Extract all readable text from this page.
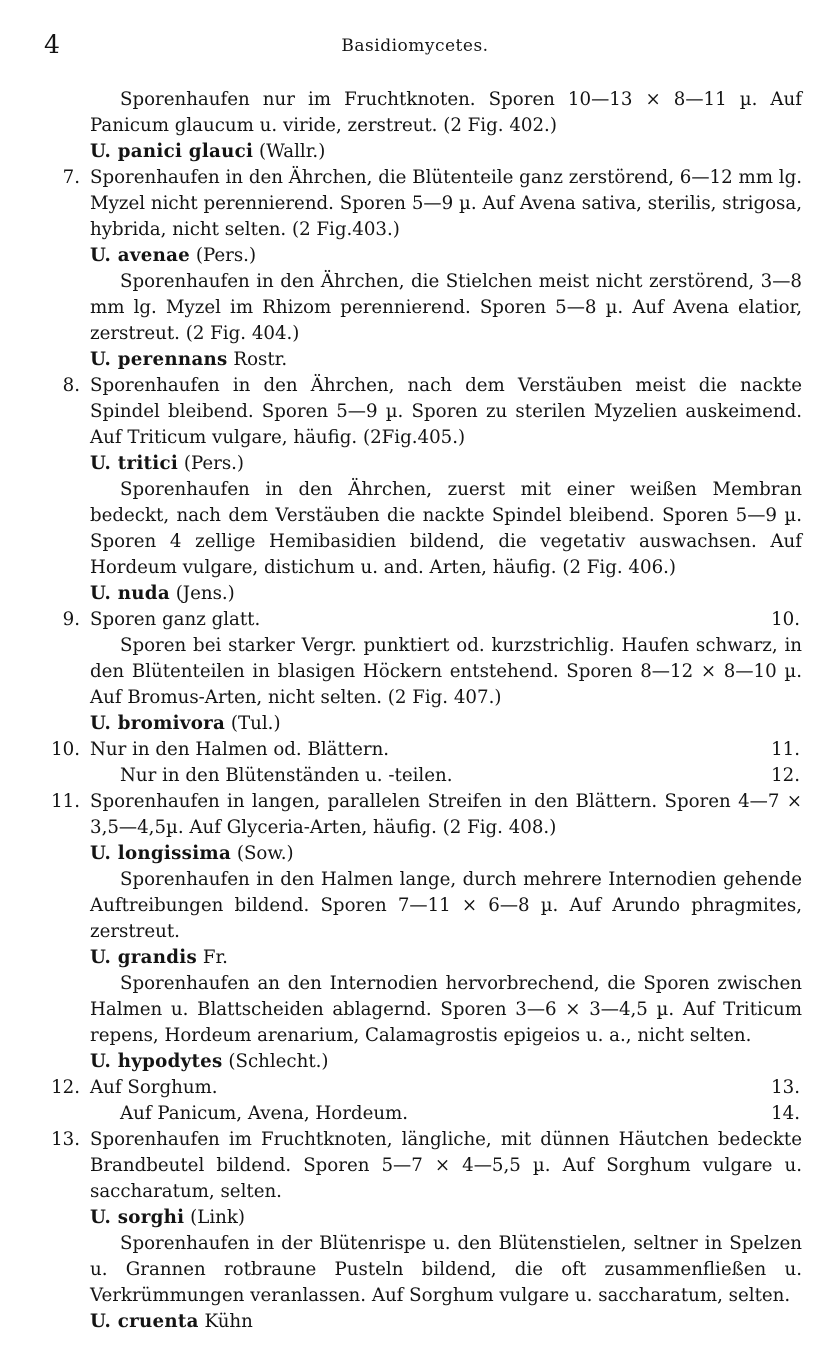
4	Basidiomycetes.

Sporenhaufen nur im Fruchtknoten. Sporen 10—13 × 8—11 µ. Auf Panicum glaucum u. viride, zerstreut. (2 Fig. 402.)

U. panici glauci (Wallr.)

7. Sporenhaufen in den Ährchen, die Blütenteile ganz zerstörend, 6—12 mm lg. Myzel nicht perennierend. Sporen 5—9 µ. Auf Avena sativa, sterilis, strigosa, hybrida, nicht selten. (2 Fig.403.)

U. avenae (Pers.)

Sporenhaufen in den Ährchen, die Stielchen meist nicht zerstörend, 3—8 mm lg. Myzel im Rhizom perennierend. Sporen 5—8 µ. Auf Avena elatior, zerstreut. (2 Fig. 404.)

U. perennans Rostr.

8. Sporenhaufen in den Ährchen, nach dem Verstäuben meist die nackte Spindel bleibend. Sporen 5—9 µ. Sporen zu sterilen Myzelien auskeimend. Auf Triticum vulgare, häufig. (2Fig.405.)

U. tritici (Pers.)

Sporenhaufen in den Ährchen, zuerst mit einer weißen Membran bedeckt, nach dem Verstäuben die nackte Spindel bleibend. Sporen 5—9 µ. Sporen 4 zellige Hemibasidien bildend, die vegetativ auswachsen. Auf Hordeum vulgare, distichum u. and. Arten, häufig. (2 Fig. 406.)

U. nuda (Jens.)

9. Sporen ganz glatt.	10.

Sporen bei starker Vergr. punktiert od. kurzstrichlig. Haufen schwarz, in den Blütenteilen in blasigen Höckern entstehend. Sporen 8—12 × 8—10 µ. Auf Bromus-Arten, nicht selten. (2 Fig. 407.)

U. bromivora (Tul.)

10. Nur in den Halmen od. Blättern.	11.

Nur in den Blütenständen u. -teilen.	12.

11. Sporenhaufen in langen, parallelen Streifen in den Blättern. Sporen 4—7 × 3,5—4,5µ. Auf Glyceria-Arten, häufig. (2 Fig. 408.)

U. longissima (Sow.)

Sporenhaufen in den Halmen lange, durch mehrere Internodien gehende Auftreibungen bildend. Sporen 7—11 × 6—8 µ. Auf Arundo phragmites, zerstreut.

U. grandis Fr.

Sporenhaufen an den Internodien hervorbrechend, die Sporen zwischen Halmen u. Blattscheiden ablagernd. Sporen 3—6 × 3—4,5 µ. Auf Triticum repens, Hordeum arenarium, Calamagrostis epigeios u. a., nicht selten.

U. hypodytes (Schlecht.)

12. Auf Sorghum.	13.

Auf Panicum, Avena, Hordeum.	14.

13. Sporenhaufen im Fruchtknoten, längliche, mit dünnen Häutchen bedeckte Brandbeutel bildend. Sporen 5—7 × 4—5,5 µ. Auf Sorghum vulgare u. saccharatum, selten.

U. sorghi (Link)

Sporenhaufen in der Blütenrispe u. den Blütenstielen, seltner in Spelzen u. Grannen rotbraune Pusteln bildend, die oft zusammenfließen u. Verkrümmungen veranlassen. Auf Sorghum vulgare u. saccharatum, selten.

U. cruenta Kühn
